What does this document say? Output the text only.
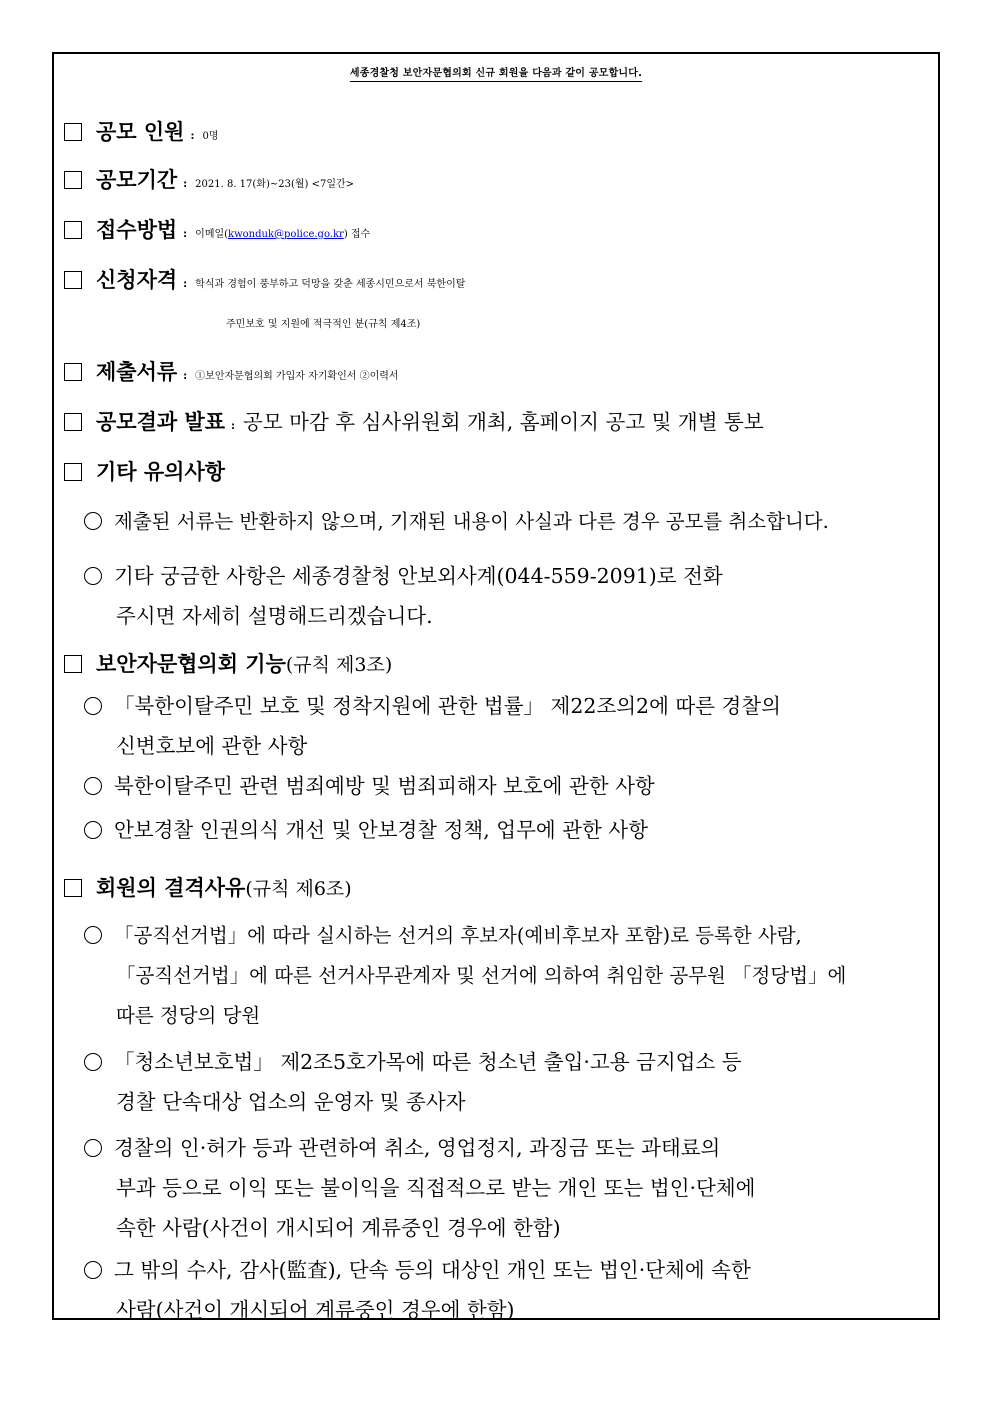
세종경찰청 보안자문협의회 신규 회원을 다음과 같이 공모합니다.
공모 인원 : 0명
공모기간 : 2021. 8. 17(화)~23(월) <7일간>
접수방법 : 이메일(kwonduk@police.go.kr) 접수
신청자격 : 학식과 경험이 풍부하고 덕망을 갖춘 세종시민으로서 북한이탈
주민보호 및 지원에 적극적인 분(규칙 제4조)
제출서류 : ①보안자문협의회 가입자 자기확인서 ②이력서
공모결과 발표 : 공모 마감 후 심사위원회 개최, 홈페이지 공고 및 개별 통보
기타 유의사항
제출된 서류는 반환하지 않으며, 기재된 내용이 사실과 다른 경우 공모를 취소합니다.
기타 궁금한 사항은 세종경찰청 안보외사계(044-559-2091)로 전화
주시면 자세히 설명해드리겠습니다.
보안자문협의회 기능(규칙 제3조)
「북한이탈주민 보호 및 정착지원에 관한 법률」 제22조의2에 따른 경찰의
신변호보에 관한 사항
북한이탈주민 관련 범죄예방 및 범죄피해자 보호에 관한 사항
안보경찰 인권의식 개선 및 안보경찰 정책, 업무에 관한 사항
회원의 결격사유(규칙 제6조)
「공직선거법」에 따라 실시하는 선거의 후보자(예비후보자 포함)로 등록한 사람,
「공직선거법」에 따른 선거사무관계자 및 선거에 의하여 취임한 공무원 「정당법」에
따른 정당의 당원
「청소년보호법」 제2조5호가목에 따른 청소년 출입·고용 금지업소 등
경찰 단속대상 업소의 운영자 및 종사자
경찰의 인·허가 등과 관련하여 취소, 영업정지, 과징금 또는 과태료의
부과 등으로 이익 또는 불이익을 직접적으로 받는 개인 또는 법인·단체에
속한 사람(사건이 개시되어 계류중인 경우에 한함)
그 밖의 수사, 감사(監査), 단속 등의 대상인 개인 또는 법인·단체에 속한
사람(사건이 개시되어 계류중인 경우에 한함)
